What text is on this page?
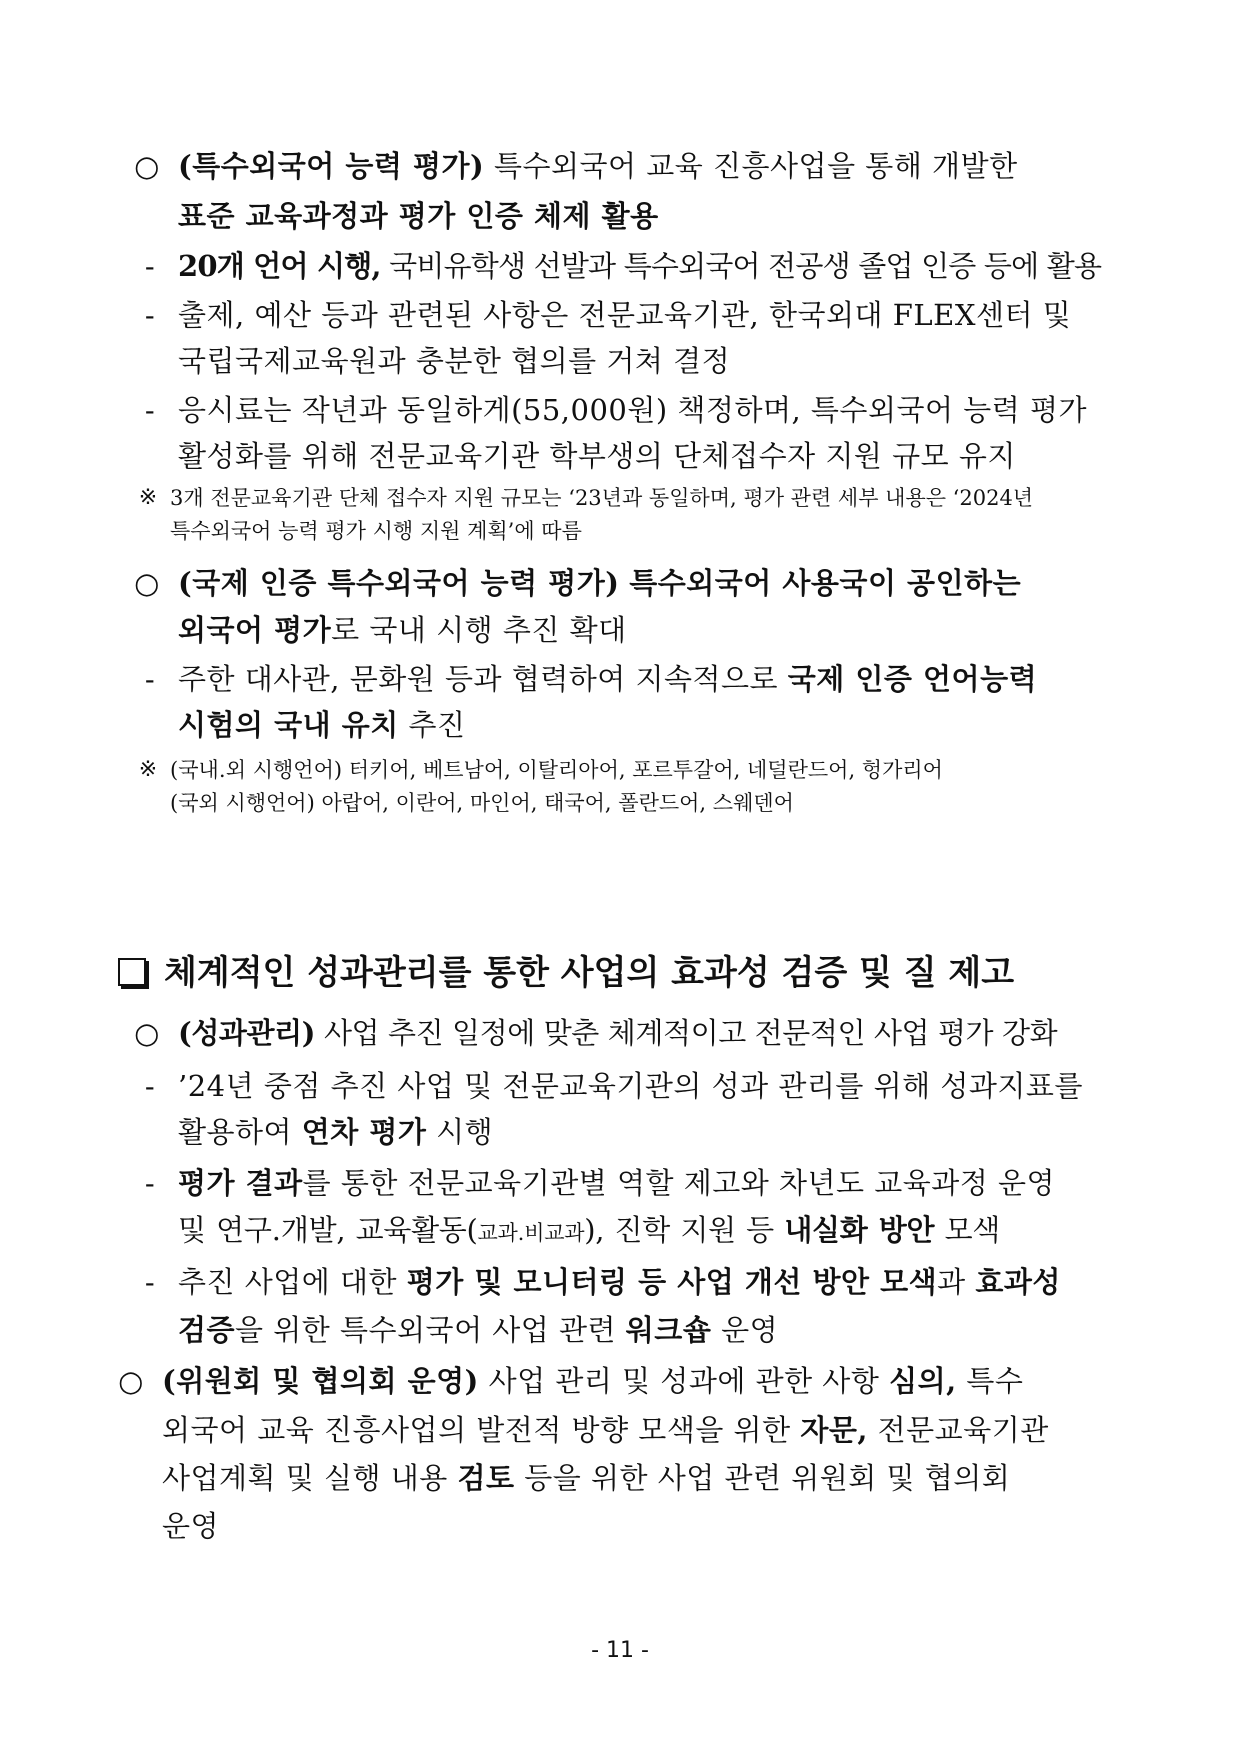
○ (특수외국어 능력 평가) 특수외국어 교육 진흥사업을 통해 개발한
표준 교육과정과 평가 인증 체제 활용
- 20개 언어 시행, 국비유학생 선발과 특수외국어 전공생 졸업 인증 등에 활용
- 출제, 예산 등과 관련된 사항은 전문교육기관, 한국외대 FLEX센터 및
국립국제교육원과 충분한 협의를 거쳐 결정
- 응시료는 작년과 동일하게(55,000원) 책정하며, 특수외국어 능력 평가
활성화를 위해 전문교육기관 학부생의 단체접수자 지원 규모 유지
※ 3개 전문교육기관 단체 접수자 지원 규모는 ‘23년과 동일하며, 평가 관련 세부 내용은 ‘2024년
특수외국어 능력 평가 시행 지원 계획’에 따름
○ (국제 인증 특수외국어 능력 평가) 특수외국어 사용국이 공인하는
외국어 평가로 국내 시행 추진 확대
- 주한 대사관, 문화원 등과 협력하여 지속적으로 국제 인증 언어능력
시험의 국내 유치 추진
※ (국내․외 시행언어) 터키어, 베트남어, 이탈리아어, 포르투갈어, 네덜란드어, 헝가리어
(국외 시행언어) 아랍어, 이란어, 마인어, 태국어, 폴란드어, 스웨덴어
체계적인 성과관리를 통한 사업의 효과성 검증 및 질 제고
○ (성과관리) 사업 추진 일정에 맞춘 체계적이고 전문적인 사업 평가 강화
- ’24년 중점 추진 사업 및 전문교육기관의 성과 관리를 위해 성과지표를
활용하여 연차 평가 시행
- 평가 결과를 통한 전문교육기관별 역할 제고와 차년도 교육과정 운영
및 연구․개발, 교육활동(교과․비교과), 진학 지원 등 내실화 방안 모색
- 추진 사업에 대한 평가 및 모니터링 등 사업 개선 방안 모색과 효과성
검증을 위한 특수외국어 사업 관련 워크숍 운영
○ (위원회 및 협의회 운영) 사업 관리 및 성과에 관한 사항 심의, 특수
외국어 교육 진흥사업의 발전적 방향 모색을 위한 자문, 전문교육기관
사업계획 및 실행 내용 검토 등을 위한 사업 관련 위원회 및 협의회
운영
- 11 -
